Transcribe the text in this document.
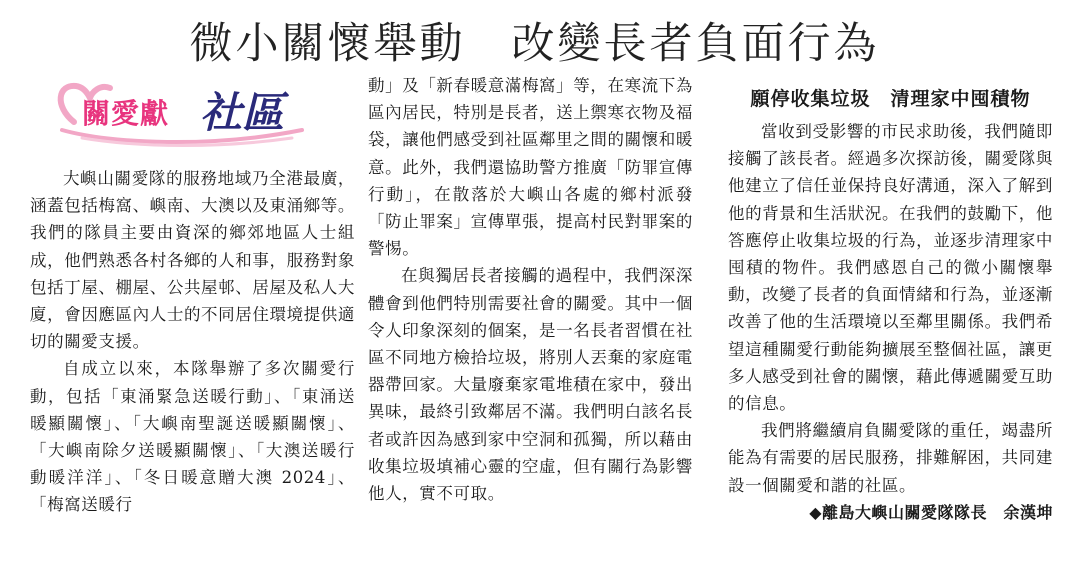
微小關懷舉動　改變長者負面行為
關愛獻 社區

大嶼山關愛隊的服務地域乃全港最廣，涵蓋包括梅窩、嶼南、大澳以及東涌鄉等。我們的隊員主要由資深的鄉郊地區人士組成，他們熟悉各村各鄉的人和事，服務對象包括丁屋、棚屋、公共屋邨、居屋及私人大廈，會因應區內人士的不同居住環境提供適切的關愛支援。

自成立以來，本隊舉辦了多次關愛行動，包括「東涌緊急送暖行動」、「東涌送暖顯關懷」、「大嶼南聖誕送暖顯關懷」、「大嶼南除夕送暖顯關懷」、「大澳送暖行動暖洋洋」、「冬日暖意贈大澳 2024」、「梅窩送暖行

動」及「新春暖意滿梅窩」等，在寒流下為區內居民，特別是長者，送上禦寒衣物及福袋，讓他們感受到社區鄰里之間的關懷和暖意。此外，我們還協助警方推廣「防罪宣傳行動」，在散落於大嶼山各處的鄉村派發「防止罪案」宣傳單張，提高村民對罪案的警惕。

在與獨居長者接觸的過程中，我們深深體會到他們特別需要社會的關愛。其中一個令人印象深刻的個案，是一名長者習慣在社區不同地方檢拾垃圾，將別人丟棄的家庭電器帶回家。大量廢棄家電堆積在家中，發出異味，最終引致鄰居不滿。我們明白該名長者或許因為感到家中空洞和孤獨，所以藉由收集垃圾填補心靈的空虛，但有關行為影響他人，實不可取。

願停收集垃圾　清理家中囤積物

當收到受影響的市民求助後，我們隨即接觸了該長者。經過多次探訪後，關愛隊與他建立了信任並保持良好溝通，深入了解到他的背景和生活狀況。在我們的鼓勵下，他答應停止收集垃圾的行為，並逐步清理家中囤積的物件。我們感恩自己的微小關懷舉動，改變了長者的負面情緒和行為，並逐漸改善了他的生活環境以至鄰里關係。我們希望這種關愛行動能夠擴展至整個社區，讓更多人感受到社會的關懷，藉此傳遞關愛互助的信息。

我們將繼續肩負關愛隊的重任，竭盡所能為有需要的居民服務，排難解困，共同建設一個關愛和諧的社區。

◆離島大嶼山關愛隊隊長　余漢坤
